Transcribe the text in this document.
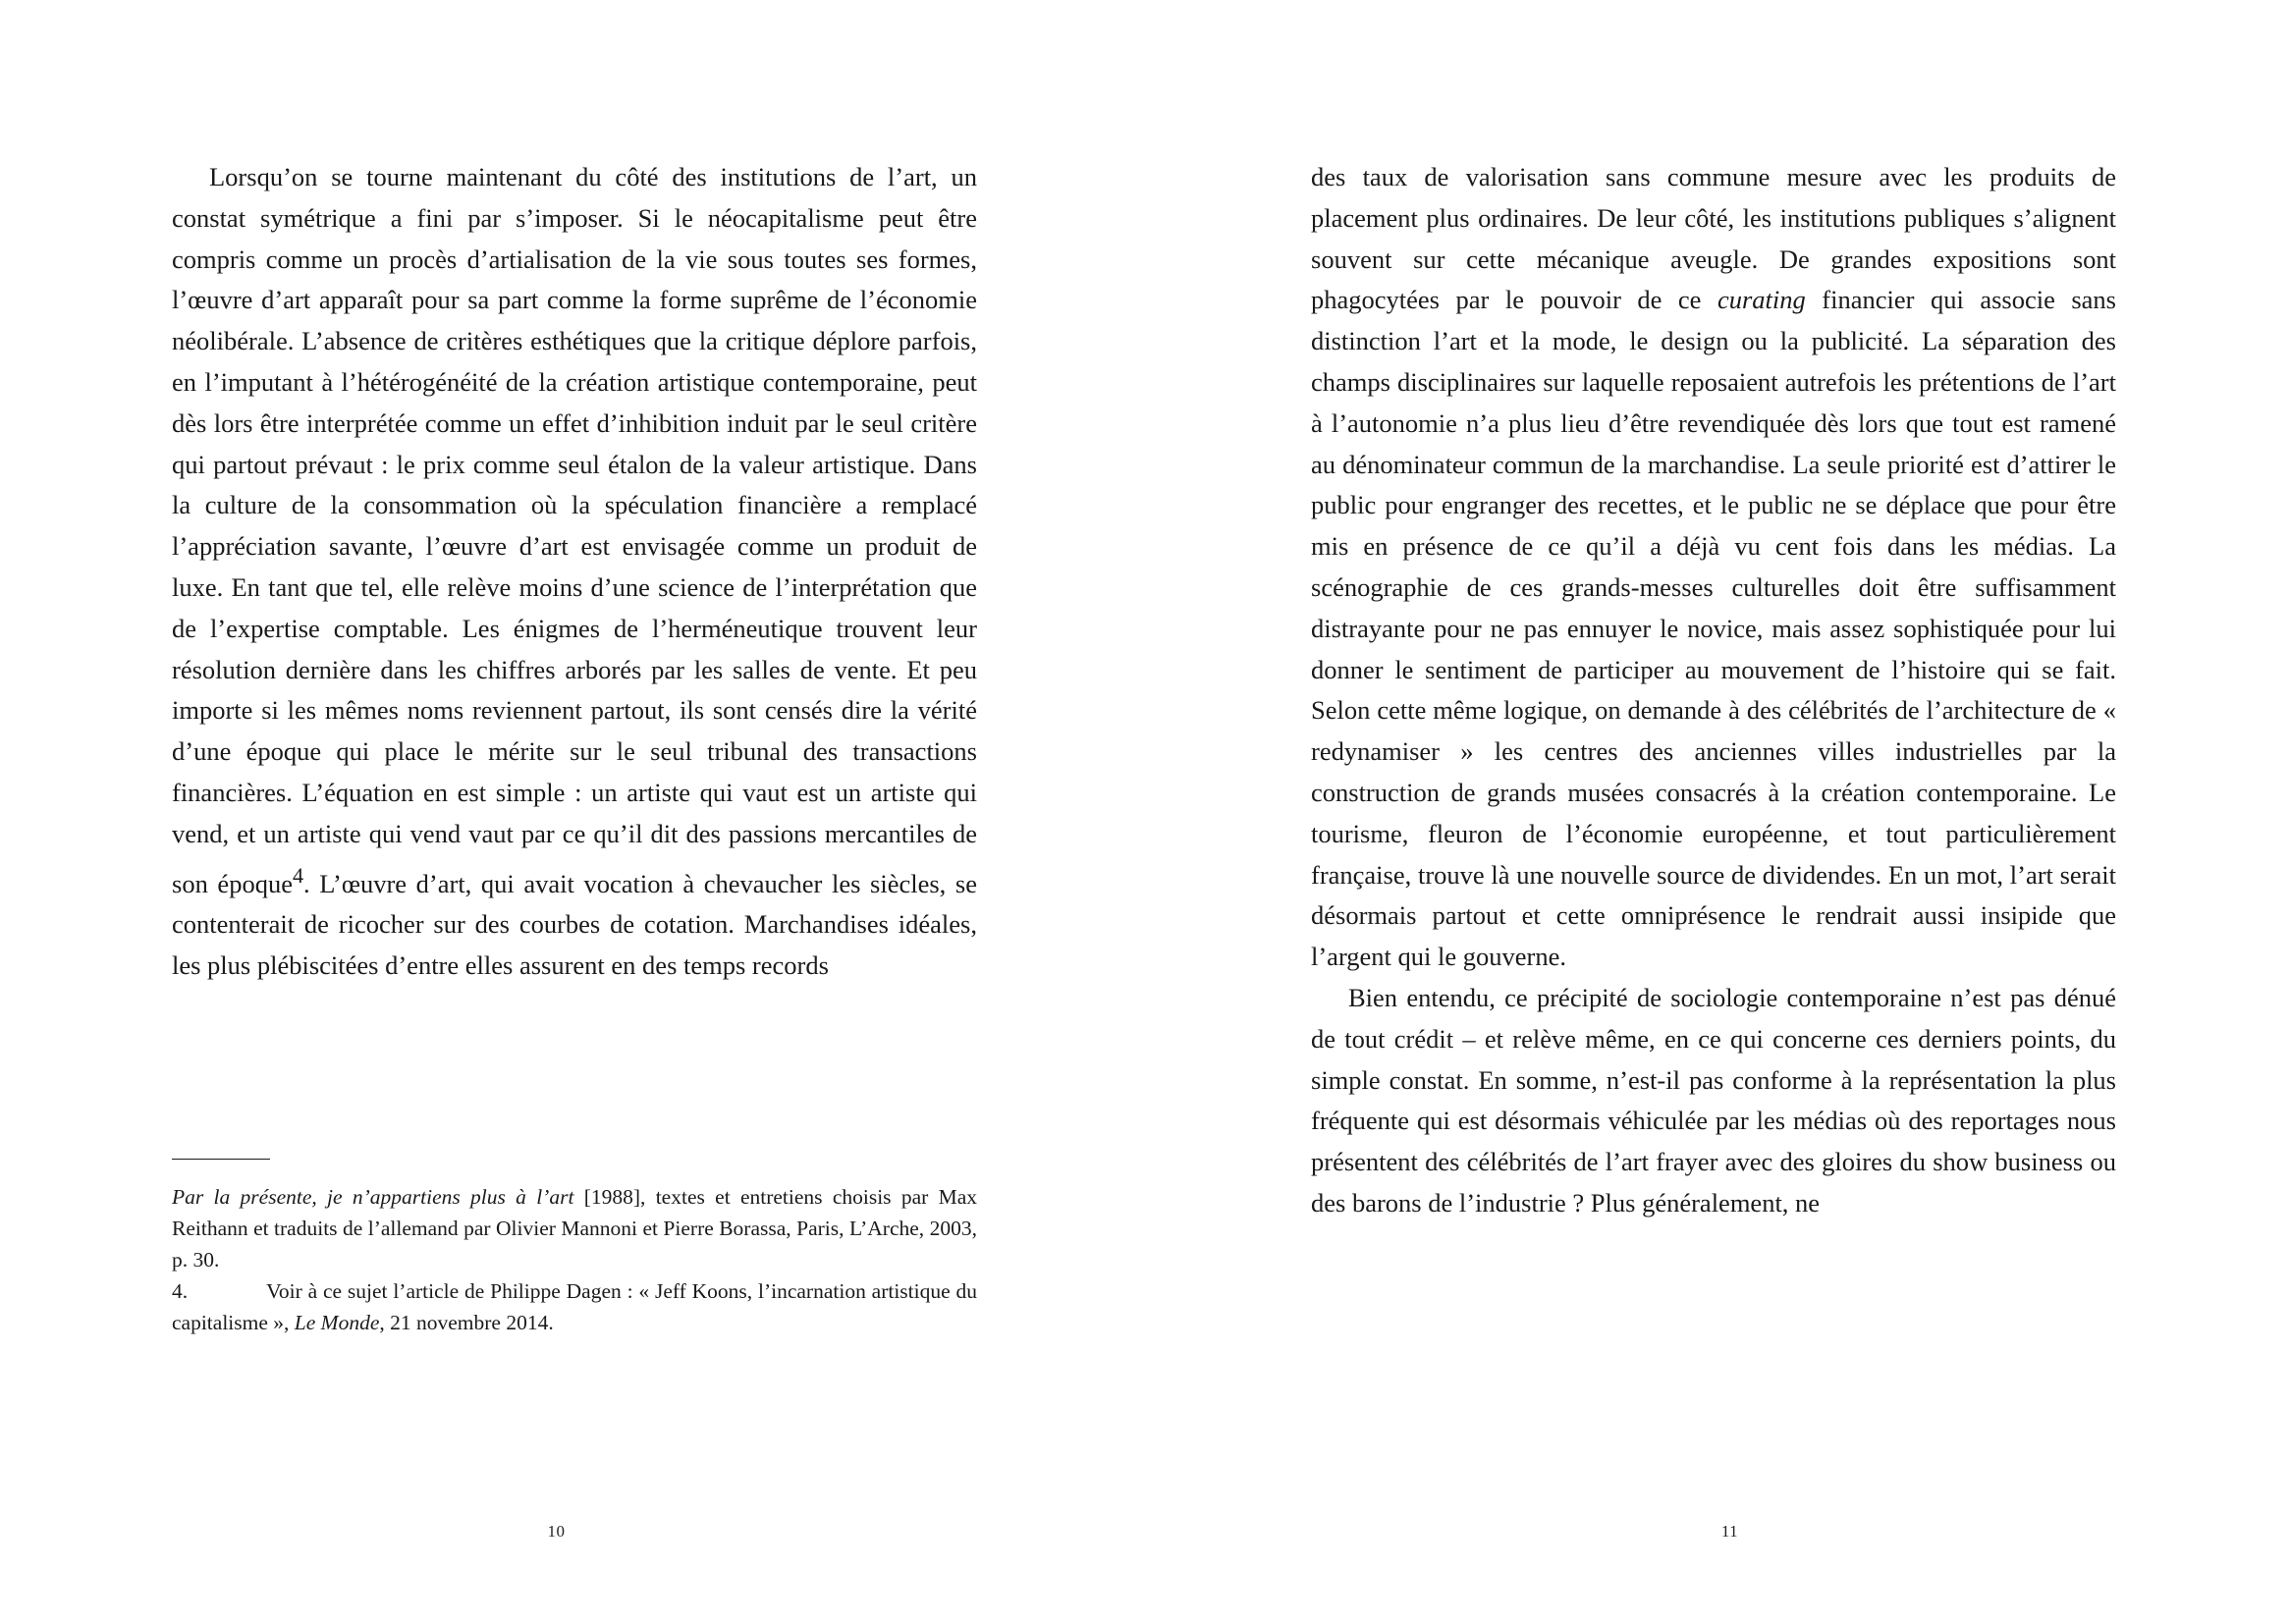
Lorsqu’on se tourne maintenant du côté des institutions de l’art, un constat symétrique a fini par s’imposer. Si le néocapitalisme peut être compris comme un procès d’artialisation de la vie sous toutes ses formes, l’œuvre d’art apparaît pour sa part comme la forme suprême de l’économie néolibérale. L’absence de critères esthétiques que la critique déplore parfois, en l’imputant à l’hétérogénéité de la création artistique contemporaine, peut dès lors être interprétée comme un effet d’inhibition induit par le seul critère qui partout prévaut : le prix comme seul étalon de la valeur artistique. Dans la culture de la consommation où la spéculation financière a remplacé l’appréciation savante, l’œuvre d’art est envisagée comme un produit de luxe. En tant que tel, elle relève moins d’une science de l’interprétation que de l’expertise comptable. Les énigmes de l’herméneutique trouvent leur résolution dernière dans les chiffres arborés par les salles de vente. Et peu importe si les mêmes noms reviennent partout, ils sont censés dire la vérité d’une époque qui place le mérite sur le seul tribunal des transactions financières. L’équation en est simple : un artiste qui vaut est un artiste qui vend, et un artiste qui vend vaut par ce qu’il dit des passions mercantiles de son époque$^4$. L’œuvre d’art, qui avait vocation à chevaucher les siècles, se contenterait de ricocher sur des courbes de cotation. Marchandises idéales, les plus plébiscitées d’entre elles assurent en des temps records

Par la présente, je n’appartiens plus à l’art [1988], textes et entretiens choisis par Max Reithann et traduits de l’allemand par Olivier Mannoni et Pierre Borassa, Paris, L’Arche, 2003, p. 30.

4.	Voir à ce sujet l’article de Philippe Dagen : « Jeff Koons, l’incarnation artistique du capitalisme », Le Monde, 21 novembre 2014.

10

des taux de valorisation sans commune mesure avec les produits de placement plus ordinaires. De leur côté, les institutions publiques s’alignent souvent sur cette mécanique aveugle. De grandes expositions sont phagocytées par le pouvoir de ce curating financier qui associe sans distinction l’art et la mode, le design ou la publicité. La séparation des champs disciplinaires sur laquelle reposaient autrefois les prétentions de l’art à l’autonomie n’a plus lieu d’être revendiquée dès lors que tout est ramené au dénominateur commun de la marchandise. La seule priorité est d’attirer le public pour engranger des recettes, et le public ne se déplace que pour être mis en présence de ce qu’il a déjà vu cent fois dans les médias. La scénographie de ces grands-messes culturelles doit être suffisamment distrayante pour ne pas ennuyer le novice, mais assez sophistiquée pour lui donner le sentiment de participer au mouvement de l’histoire qui se fait. Selon cette même logique, on demande à des célébrités de l’architecture de « redynamiser » les centres des anciennes villes industrielles par la construction de grands musées consacrés à la création contemporaine. Le tourisme, fleuron de l’économie européenne, et tout particulièrement française, trouve là une nouvelle source de dividendes. En un mot, l’art serait désormais partout et cette omniprésence le rendrait aussi insipide que l’argent qui le gouverne.

Bien entendu, ce précipité de sociologie contemporaine n’est pas dénué de tout crédit – et relève même, en ce qui concerne ces derniers points, du simple constat. En somme, n’est-il pas conforme à la représentation la plus fréquente qui est désormais véhiculée par les médias où des reportages nous présentent des célébrités de l’art frayer avec des gloires du show business ou des barons de l’industrie ? Plus généralement, ne

11
